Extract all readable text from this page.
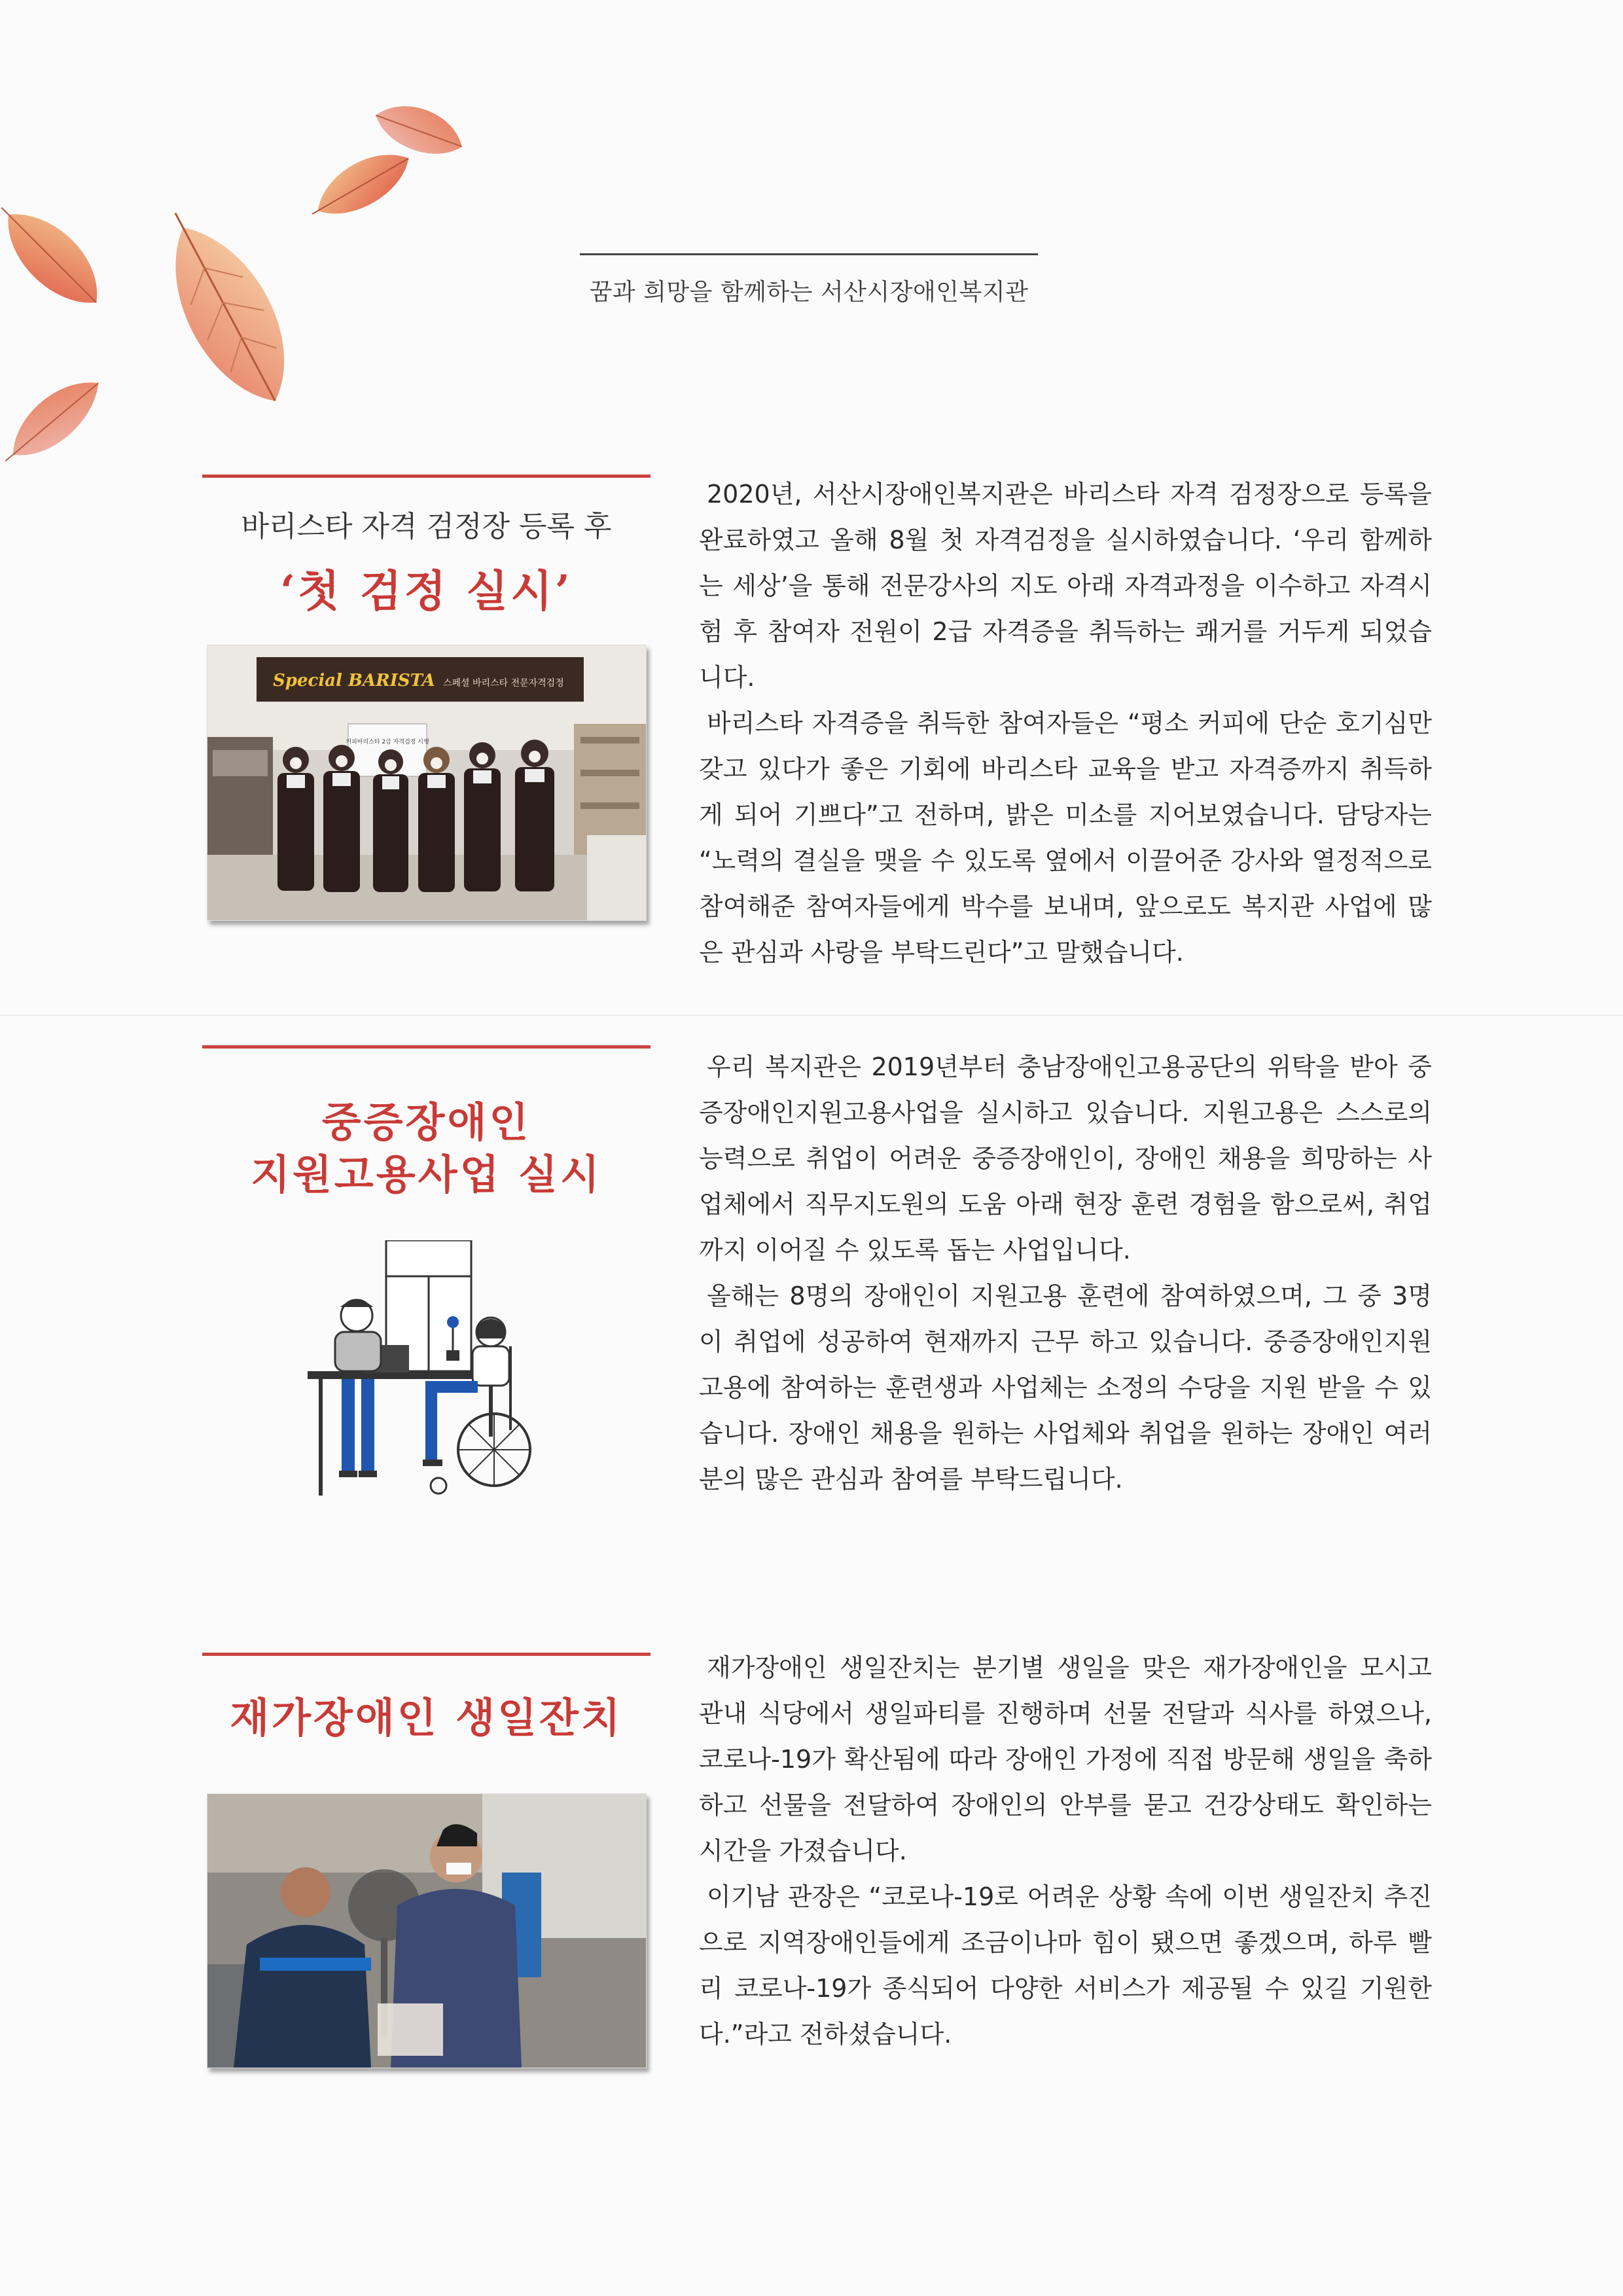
꿈과 희망을 함께하는 서산시장애인복지관
바리스타 자격 검정장 등록 후
‘첫 검정 실시’
Special BARISTA 스페셜 바리스타 전문자격검정
커피바리스타 2급 자격검정 시행

2020년, 서산시장애인복지관은 바리스타 자격 검정장으로 등록을 완료하였고 올해 8월 첫 자격검정을 실시하였습니다. ‘우리 함께하는 세상’을 통해 전문강사의 지도 아래 자격과정을 이수하고 자격시험 후 참여자 전원이 2급 자격증을 취득하는 쾌거를 거두게 되었습니다.

바리스타 자격증을 취득한 참여자들은 “평소 커피에 단순 호기심만 갖고 있다가 좋은 기회에 바리스타 교육을 받고 자격증까지 취득하게 되어 기쁘다”고 전하며, 밝은 미소를 지어보였습니다. 담당자는 “노력의 결실을 맺을 수 있도록 옆에서 이끌어준 강사와 열정적으로 참여해준 참여자들에게 박수를 보내며, 앞으로도 복지관 사업에 많은 관심과 사랑을 부탁드린다”고 말했습니다.

중증장애인
지원고용사업 실시

우리 복지관은 2019년부터 충남장애인고용공단의 위탁을 받아 중증장애인지원고용사업을 실시하고 있습니다. 지원고용은 스스로의 능력으로 취업이 어려운 중증장애인이, 장애인 채용을 희망하는 사업체에서 직무지도원의 도움 아래 현장 훈련 경험을 함으로써, 취업까지 이어질 수 있도록 돕는 사업입니다.

올해는 8명의 장애인이 지원고용 훈련에 참여하였으며, 그 중 3명이 취업에 성공하여 현재까지 근무 하고 있습니다. 중증장애인지원고용에 참여하는 훈련생과 사업체는 소정의 수당을 지원 받을 수 있습니다. 장애인 채용을 원하는 사업체와 취업을 원하는 장애인 여러분의 많은 관심과 참여를 부탁드립니다.

재가장애인 생일잔치

재가장애인 생일잔치는 분기별 생일을 맞은 재가장애인을 모시고 관내 식당에서 생일파티를 진행하며 선물 전달과 식사를 하였으나, 코로나-19가 확산됨에 따라 장애인 가정에 직접 방문해 생일을 축하하고 선물을 전달하여 장애인의 안부를 묻고 건강상태도 확인하는 시간을 가졌습니다.

이기남 관장은 “코로나-19로 어려운 상황 속에 이번 생일잔치 추진으로 지역장애인들에게 조금이나마 힘이 됐으면 좋겠으며, 하루 빨리 코로나-19가 종식되어 다양한 서비스가 제공될 수 있길 기원한다.”라고 전하셨습니다.
